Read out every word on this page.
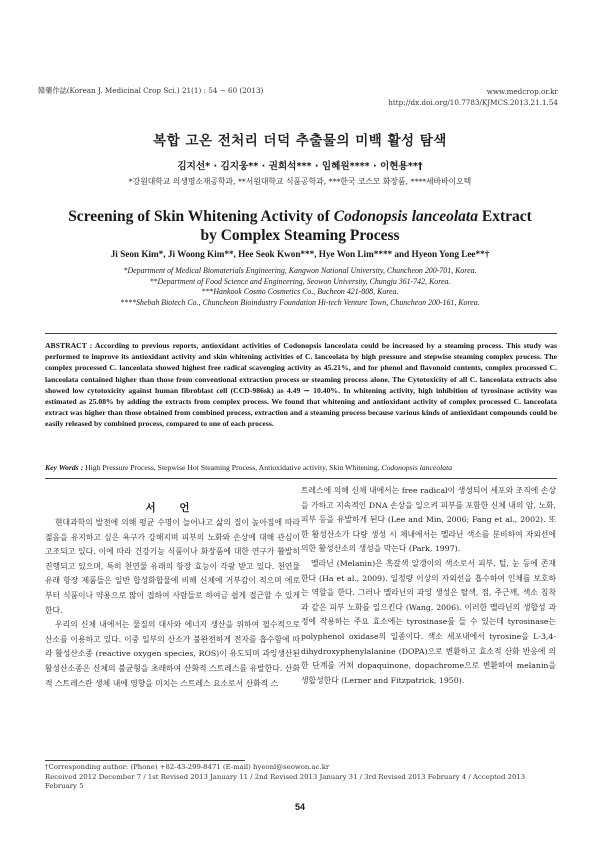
韓藥作誌(Korean J. Medicinal Crop Sci.) 21(1) : 54 − 60 (2013)	www.medcrop.or.kr
http://dx.doi.org/10.7783/KJMCS.2013.21.1.54
복합 고온 전처리 더덕 추출물의 미백 활성 탐색
김지선* · 김지웅** · 권희석*** · 임혜원**** · 이현용**†
*강원대학교 의생명소재공학과, **서원대학교 식품공학과, ***한국 코스모 화장품, ****세바바이오텍
Screening of Skin Whitening Activity of Codonopsis lanceolata Extract
by Complex Steaming Process
Ji Seon Kim*, Ji Woong Kim**, Hee Seok Kwon***, Hye Won Lim**** and Hyeon Yong Lee**†
*Department of Medical Biomaterials Engineering, Kangwon National University, Chuncheon 200-701, Korea.
**Department of Food Science and Engineering, Seowon University, Chungju 361-742, Korea.
***Hankook Cosmo Cosmetics Co., Bucheon 421-808, Korea.
****Shebah Biotech Co., Chuncheon Bioindustry Foundation Hi-tech Venture Town, Chuncheon 200-161, Korea.
ABSTRACT : According to previous reports, antioxidant activities of Codonopsis lanceolata could be increased by a steaming process. This study was performed to improve its antioxidant activity and skin whitening activities of C. lanceolata by high pressure and stepwise steaming complex process. The complex processed C. lanceolata showed highest free radical scavenging activity as 45.21%, and for phenol and flavonoid contents, complex processed C. lanceolata contained higher than those from conventional extraction process or steaming process alone. The Cytotoxicity of all C. lanceolata extracts also showed low cytotoxicity against human fibroblast cell (CCD-986sk) as 4.49 ∼ 10.40%. In whitening activity, high inhibition of tyrosinase activity was estimated as 25.08% by adding the extracts from complex process. We found that whitening and antioxidant activity of complex processed C. lanceolata extract was higher than those obtained from combined process, extraction and a steaming process because various kinds of antioxidant compounds could be easily released by combined process, compared to one of each process.
Key Words : High Pressure Process, Stepwise Hot Steaming Process, Antioxidative activity, Skin Whitening, Codonopsis lanceolata
서 언

현대과학의 발전에 의해 평균 수명이 늘어나고 삶의 질이 높아짐에 따라 젊음을 유지하고 싶은 욕구가 강해지며 피부의 노화와 손상에 대해 관심이 고조되고 있다. 이에 따라 건강기능 식품이나 화장품에 대한 연구가 활발히 진행되고 있으며, 특히 천연물 유래의 항장 효능이 각광 받고 있다. 천연물 유래 항장 제품들은 일반 합성화합물에 비해 신체에 거부감이 적으며 에로부터 식품이나 약용으로 많이 접하여 사람들로 하여금 쉽게 접근할 수 있게 한다.

우리의 신체 내에서는 물질의 대사와 에너지 생산을 위하여 필수적으로 산소를 이용하고 있다. 이중 일부의 산소가 불완전하게 전자를 흡수함에 따라 활성산소종 (reactive oxygen species, ROS)이 유도되며 과잉생산된 활성산소종은 신체의 불균형을 초래하여 산화적 스트레스를 유발한다. 산화적 스트레스란 생체 내에 영향을 미치는 스트레스 요소로서 산화적 스

트레스에 의해 신체 내에서는 free radical이 생성되어 세포와 조직에 손상을 가하고 지속적인 DNA 손상을 일으켜 피부를 포함한 신체 내의 암, 노화, 피부 등을 유발하게 된다 (Lee and Min, 2006; Fang et al., 2002). 또한 활성산소가 다량 생성 시 체내에서는 멜라닌 색소를 분비하여 자외선에 의한 활성산소의 생성을 막는다 (Park, 1997).

멜라닌 (Melanin)은 흑갈색 알갱이의 색소로서 피부, 털, 눈 등에 존재한다 (Ha et al., 2009). 일정량 이상의 자외선을 흡수하여 인체를 보호하는 역할을 한다. 그러나 멜라닌의 과잉 생성은 탈색, 점, 주근깨, 색소 침착과 같은 피부 노화를 일으킨다 (Wang, 2006). 이러한 멜라닌의 생합성 과정에 작용하는 주요 효소에는 tyrosinase를 들 수 있는데 tyrosinase는 polyphenol oxidase의 일종이다. 색소 세포내에서 tyrosine을 L-3,4-dihydroxyphenylalanine (DOPA)으로 변환하고 효소적 산화 반응에 의한 단계를 거쳐 dopaquinone, dopachrome으로 변환하여 melanin을 생합성한다 (Lerner and Fitzpatrick, 1950).

†Corresponding author: (Phone) +82-43-299-8471 (E-mail) hyeonl@seowon.ac.kr
Received 2012 December 7 / 1st Revised 2013 January 11 / 2nd Revised 2013 January 31 / 3rd Revised 2013 February 4 / Accepted 2013 February 5
54
